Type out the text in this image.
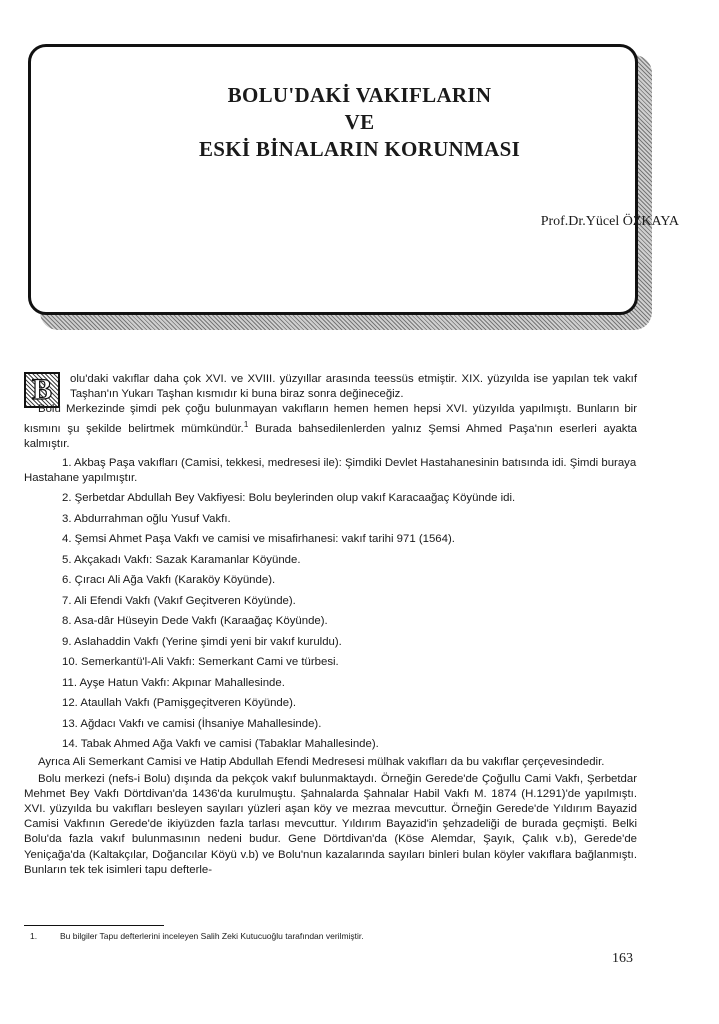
BOLU'DAKİ VAKIFLARIN
VE
ESKİ BİNALARIN KORUNMASI
Prof.Dr.Yücel ÖZKAYA
B olu'daki vakıflar daha çok XVI. ve XVIII. yüzyıllar arasında teessüs etmiştir. XIX. yüzyılda ise yapılan tek vakıf Taşhan'ın Yukarı Taşhan kısmıdır ki buna biraz sonra değineceğiz.

Bolu Merkezinde şimdi pek çoğu bulunmayan vakıfların hemen hemen hepsi XVI. yüzyılda yapılmıştı. Bunların bir kısmını şu şekilde belirtmek mümkündür.$^1$ Burada bahsedilenlerden yalnız Şemsi Ahmed Paşa'nın eserleri ayakta kalmıştır.

1. Akbaş Paşa vakıfları (Camisi, tekkesi, medresesi ile): Şimdiki Devlet Hastahanesinin batısında idi. Şimdi buraya Hastahane yapılmıştır.
2. Şerbetdar Abdullah Bey Vakfiyesi: Bolu beylerinden olup vakıf Karacaağaç Köyünde idi.
3. Abdurrahman oğlu Yusuf Vakfı.
4. Şemsi Ahmet Paşa Vakfı ve camisi ve misafirhanesi: vakıf tarihi 971 (1564).
5. Akçakadı Vakfı: Sazak Karamanlar Köyünde.
6. Çıracı Ali Ağa Vakfı (Karaköy Köyünde).
7. Ali Efendi Vakfı (Vakıf Geçitveren Köyünde).
8. Asa-dâr Hüseyin Dede Vakfı (Karaağaç Köyünde).
9. Aslahaddin Vakfı (Yerine şimdi yeni bir vakıf kuruldu).
10. Semerkantü'l-Ali Vakfı: Semerkant Cami ve türbesi.
11. Ayşe Hatun Vakfı: Akpınar Mahallesinde.
12. Ataullah Vakfı (Pamişgeçitveren Köyünde).
13. Ağdacı Vakfı ve camisi (İhsaniye Mahallesinde).
14. Tabak Ahmed Ağa Vakfı ve camisi (Tabaklar Mahallesinde).

Ayrıca Ali Semerkant Camisi ve Hatip Abdullah Efendi Medresesi mülhak vakıfları da bu vakıflar çerçevesindedir.

Bolu merkezi (nefs-i Bolu) dışında da pekçok vakıf bulunmaktaydı. Örneğin Gerede'de Çoğullu Cami Vakfı, Şerbetdar Mehmet Bey Vakfı Dörtdivan'da 1436'da kurulmuştu. Şahnalarda Şahnalar Habil Vakfı M. 1874 (H.1291)'de yapılmıştı. XVI. yüzyılda bu vakıfları besleyen sayıları yüzleri aşan köy ve mezraa mevcuttur. Örneğin Gerede'de Yıldırım Bayazid Camisi Vakfının Gerede'de ikiyüzden fazla tarlası mevcuttur. Yıldırım Bayazid'in şehzadeliği de burada geçmişti. Belki Bolu'da fazla vakıf bulunmasının nedeni budur. Gene Dörtdivan'da (Köse Alemdar, Şayık, Çalık v.b), Gerede'de Yeniçağa'da (Kaltakçılar, Doğancılar Köyü v.b) ve Bolu'nun kazalarında sayıları binleri bulan köyler vakıflara bağlanmıştı. Bunların tek tek isimleri tapu defterle-

1.	Bu bilgiler Tapu defterlerini inceleyen Salih Zeki Kutucuoğlu tarafından verilmiştir.
163
